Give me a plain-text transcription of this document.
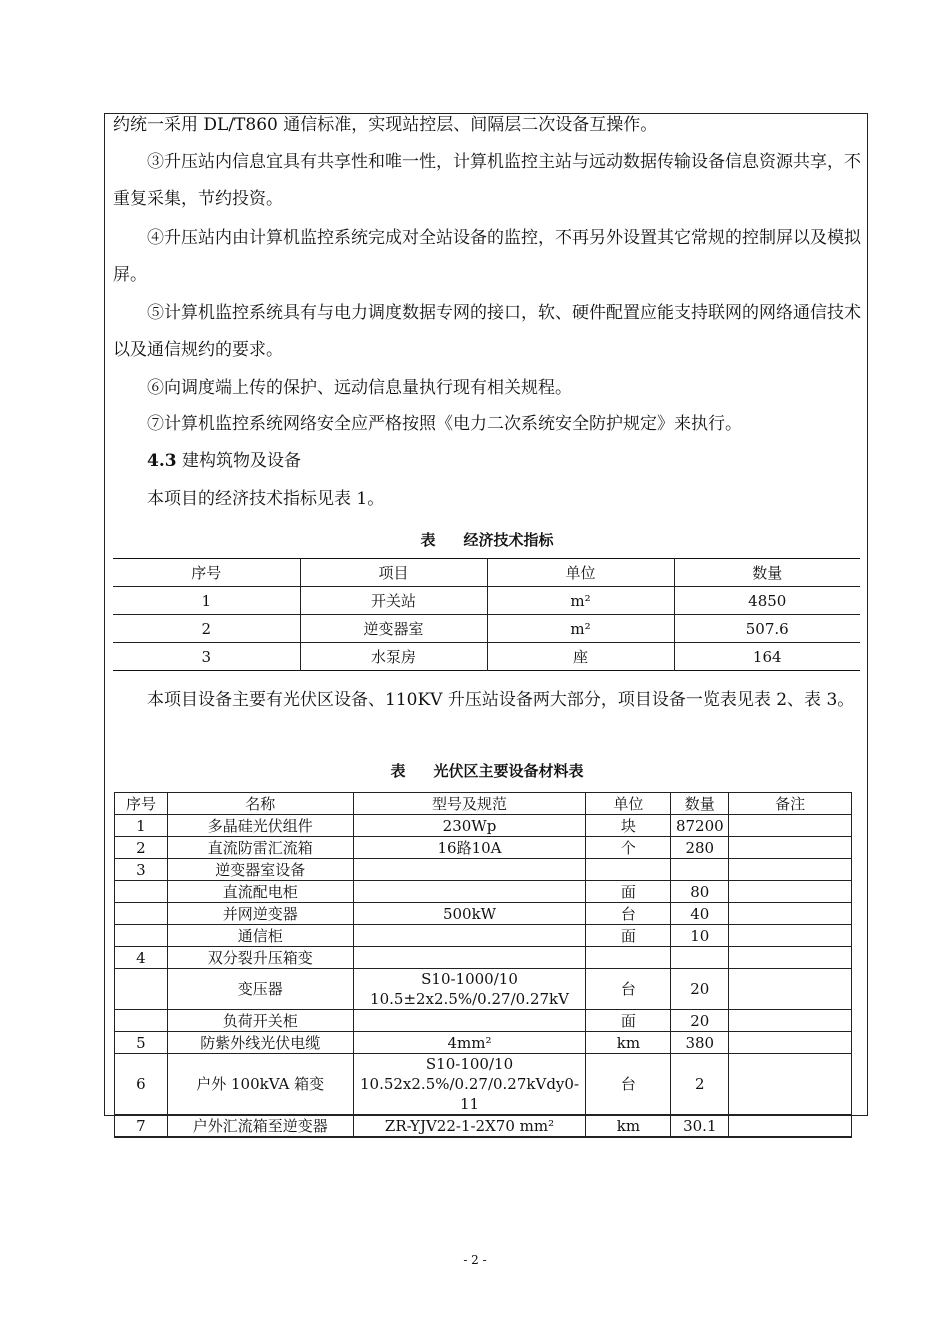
约统一采用 DL/T860 通信标准，实现站控层、间隔层二次设备互操作。

③升压站内信息宜具有共享性和唯一性，计算机监控主站与远动数据传输设备信息资源共享，不重复采集，节约投资。

④升压站内由计算机监控系统完成对全站设备的监控，不再另外设置其它常规的控制屏以及模拟屏。

⑤计算机监控系统具有与电力调度数据专网的接口，软、硬件配置应能支持联网的网络通信技术以及通信规约的要求。

⑥向调度端上传的保护、远动信息量执行现有相关规程。

⑦计算机监控系统网络安全应严格按照《电力二次系统安全防护规定》来执行。

4.3 建构筑物及设备

本项目的经济技术指标见表 1。

表 经济技术指标
序号	项目	单位	数量
1	开关站	m²	4850
2	逆变器室	m²	507.6
3	水泵房	座	164

本项目设备主要有光伏区设备、110KV 升压站设备两大部分，项目设备一览表见表 2、表 3。

表 光伏区主要设备材料表
序号	名称	型号及规范	单位	数量	备注
1	多晶硅光伏组件	230Wp	块	87200	
2	直流防雷汇流箱	16路10A	个	280	
3	逆变器室设备				
	直流配电柜		面	80	
	并网逆变器	500kW	台	40	
	通信柜		面	10	
4	双分裂升压箱变				
	变压器	S10-1000/10
10.5±2x2.5%/0.27/0.27kV	台	20	
	负荷开关柜		面	20	
5	防紫外线光伏电缆	4mm²	km	380	
6	户外 100kVA 箱变	S10-100/10
10.52x2.5%/0.27/0.27kVdy0-11	台	2	
7	户外汇流箱至逆变器	ZR-YJV22-1-2X70 mm²	km	30.1	
- 2 -
